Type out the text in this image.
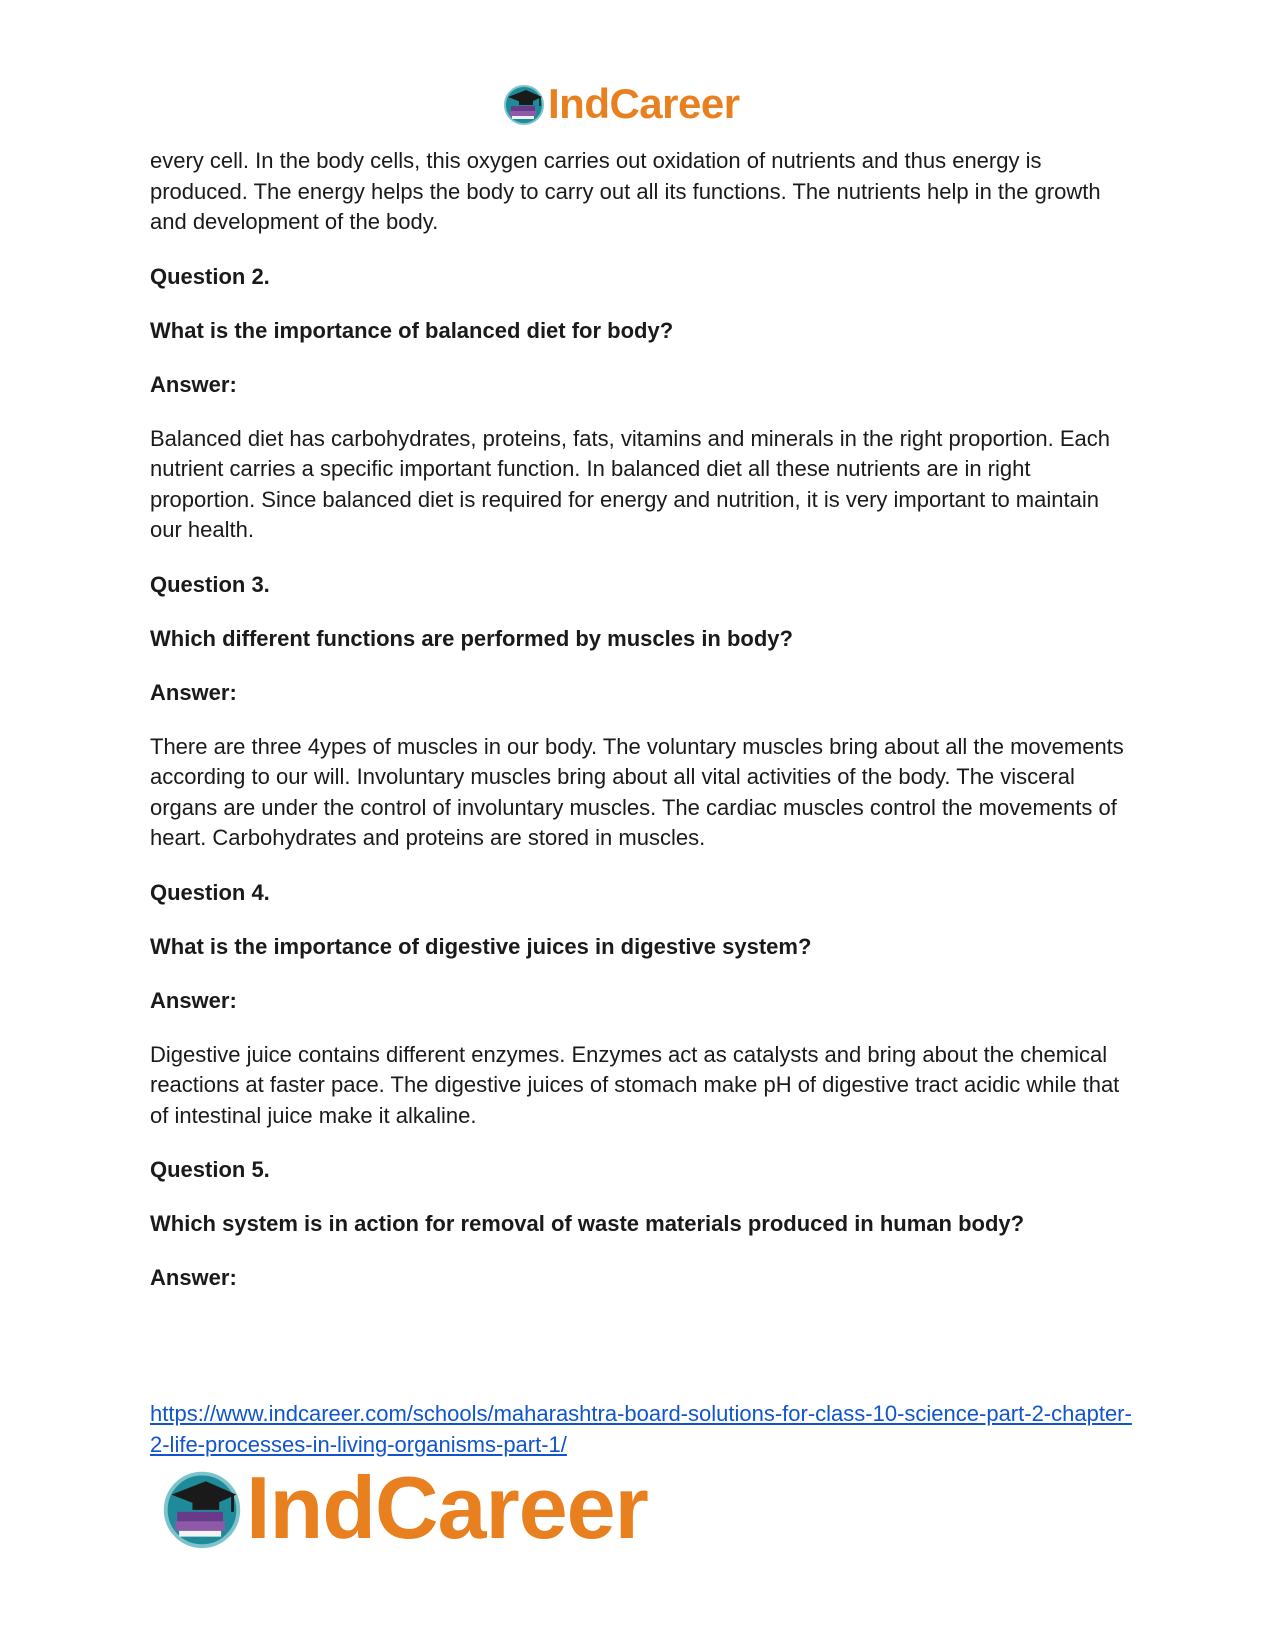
IndCareer

every cell. In the body cells, this oxygen carries out oxidation of nutrients and thus energy is produced. The energy helps the body to carry out all its functions. The nutrients help in the growth and development of the body.

Question 2.

What is the importance of balanced diet for body?

Answer:

Balanced diet has carbohydrates, proteins, fats, vitamins and minerals in the right proportion. Each nutrient carries a specific important function. In balanced diet all these nutrients are in right proportion. Since balanced diet is required for energy and nutrition, it is very important to maintain our health.

Question 3.

Which different functions are performed by muscles in body?

Answer:

There are three 4ypes of muscles in our body. The voluntary muscles bring about all the movements according to our will. Involuntary muscles bring about all vital activities of the body. The visceral organs are under the control of involuntary muscles. The cardiac muscles control the movements of heart. Carbohydrates and proteins are stored in muscles.

Question 4.

What is the importance of digestive juices in digestive system?

Answer:

Digestive juice contains different enzymes. Enzymes act as catalysts and bring about the chemical reactions at faster pace. The digestive juices of stomach make pH of digestive tract acidic while that of intestinal juice make it alkaline.

Question 5.

Which system is in action for removal of waste materials produced in human body?

Answer:

https://www.indcareer.com/schools/maharashtra-board-solutions-for-class-10-science-part-2-chapter-2-life-processes-in-living-organisms-part-1/
IndCareer
